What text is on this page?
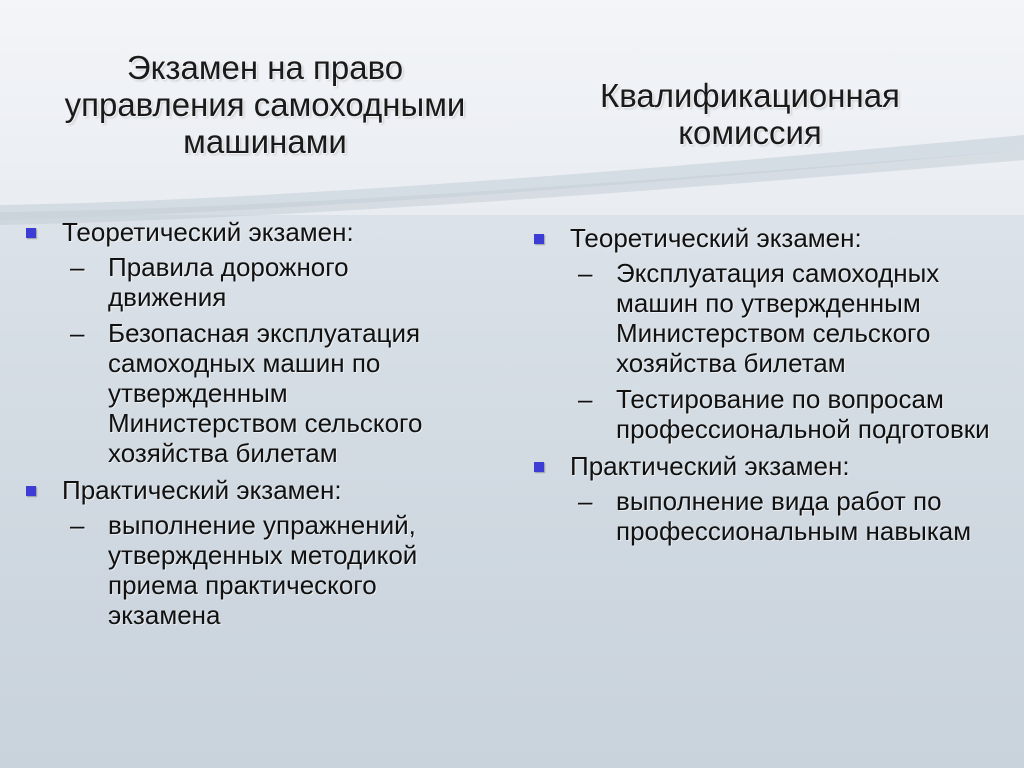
Экзамен на право
управления самоходными
машинами
Квалификационная
комиссия
Теоретический экзамен:
– Правила дорожного движения
– Безопасная эксплуатация самоходных машин по утвержденным Министерством сельского хозяйства билетам
Практический экзамен:
– выполнение упражнений, утвержденных методикой приема практического экзамена
Теоретический экзамен:
– Эксплуатация самоходных машин по утвержденным Министерством сельского хозяйства билетам
– Тестирование по вопросам профессиональной подготовки
Практический экзамен:
– выполнение вида работ по профессиональным навыкам
